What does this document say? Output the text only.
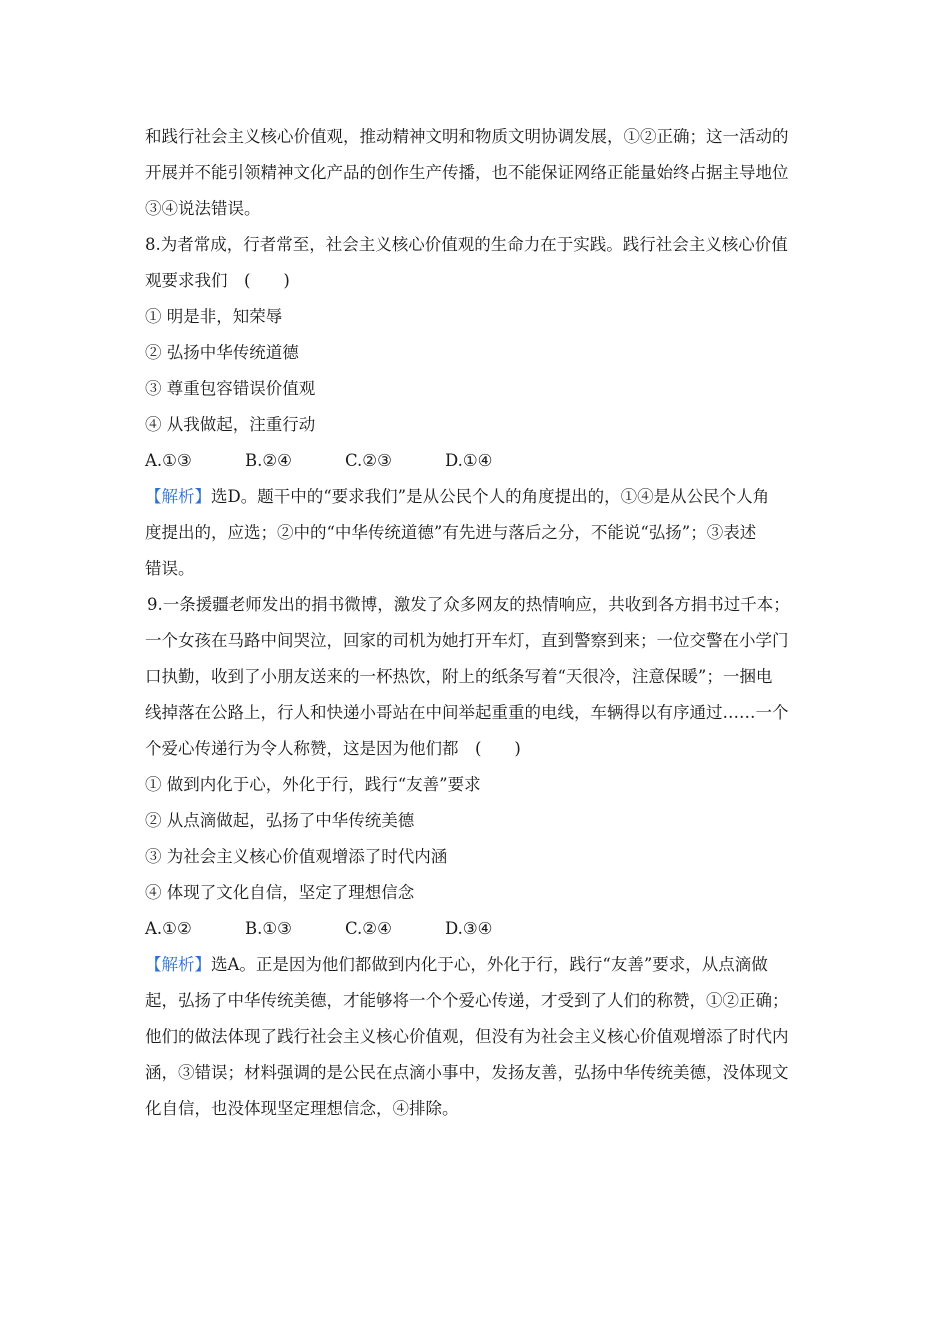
和践行社会主义核心价值观，推动精神文明和物质文明协调发展，①②正确；这一活动的
开展并不能引领精神文化产品的创作生产传播，也不能保证网络正能量始终占据主导地位
③④说法错误。
8.为者常成，行者常至，社会主义核心价值观的生命力在于实践。践行社会主义核心价值
观要求我们　(　　)
① 明是非，知荣辱
② 弘扬中华传统道德
③ 尊重包容错误价值观
④ 从我做起，注重行动
A.①③	B.②④	C.②③	D.①④
【解析】选D。题干中的“要求我们”是从公民个人的角度提出的，①④是从公民个人角
度提出的，应选；②中的“中华传统道德”有先进与落后之分，不能说“弘扬”；③表述
错误。
9.一条援疆老师发出的捐书微博，激发了众多网友的热情响应，共收到各方捐书过千本；
一个女孩在马路中间哭泣，回家的司机为她打开车灯，直到警察到来；一位交警在小学门
口执勤，收到了小朋友送来的一杯热饮，附上的纸条写着“天很冷，注意保暖”；一捆电
线掉落在公路上，行人和快递小哥站在中间举起重重的电线，车辆得以有序通过……一个
个爱心传递行为令人称赞，这是因为他们都　(　　)
① 做到内化于心，外化于行，践行“友善”要求
② 从点滴做起，弘扬了中华传统美德
③ 为社会主义核心价值观增添了时代内涵
④ 体现了文化自信，坚定了理想信念
A.①②	B.①③	C.②④	D.③④
【解析】选A。正是因为他们都做到内化于心，外化于行，践行“友善”要求，从点滴做
起，弘扬了中华传统美德，才能够将一个个爱心传递，才受到了人们的称赞，①②正确；
他们的做法体现了践行社会主义核心价值观，但没有为社会主义核心价值观增添了时代内
涵，③错误；材料强调的是公民在点滴小事中，发扬友善，弘扬中华传统美德，没体现文
化自信，也没体现坚定理想信念，④排除。
